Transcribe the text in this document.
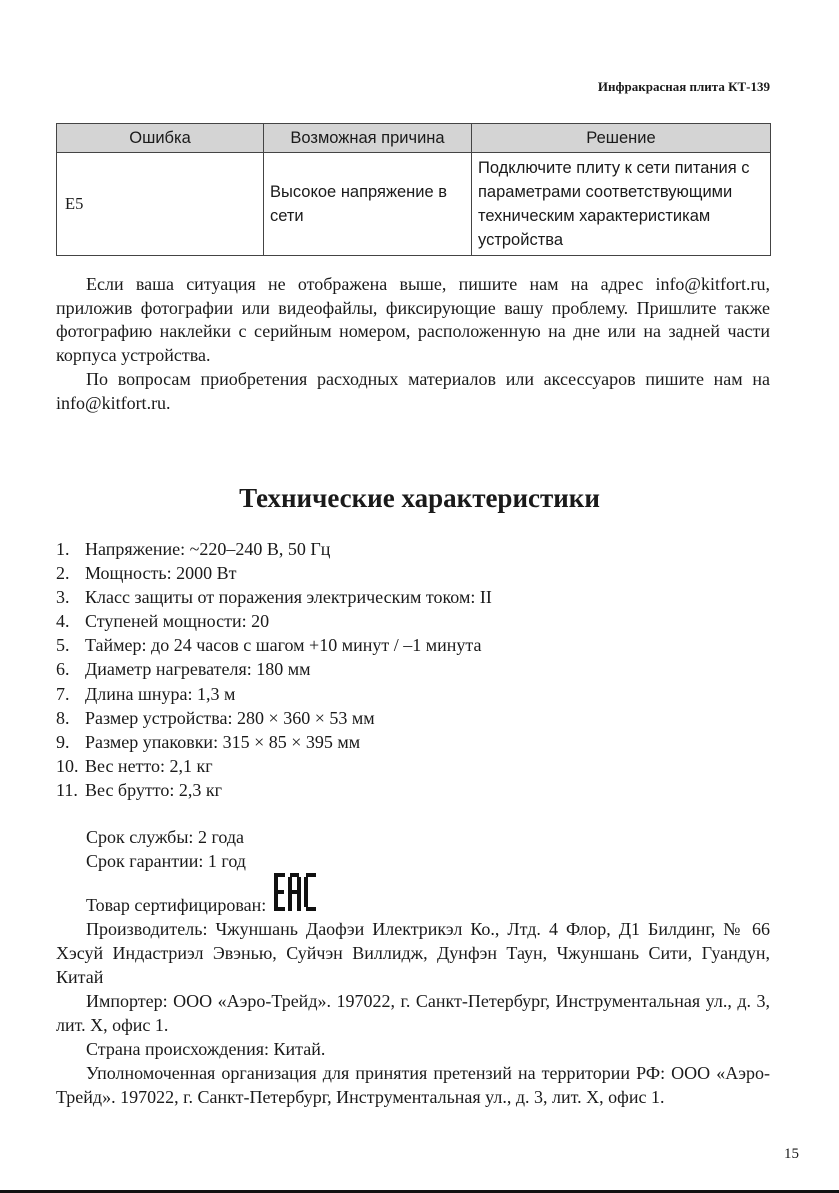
Инфракрасная плита КТ-139
Ошибка	Возможная причина	Решение
E5	Высокое напряжение в сети	Подключите плиту к сети питания с параметрами соответствующими техническим характеристикам устройства

Если ваша ситуация не отображена выше, пишите нам на адрес info@kitfort.ru, приложив фотографии или видеофайлы, фиксирующие вашу проблему. Пришлите также фотографию наклейки с серийным номером, расположенную на дне или на задней части корпуса устройства.

По вопросам приобретения расходных материалов или аксессуаров пишите нам на info@kitfort.ru.

Технические характеристики
1. Напряжение: ~220–240 В, 50 Гц
2. Мощность: 2000 Вт
3. Класс защиты от поражения электрическим током: II
4. Ступеней мощности: 20
5. Таймер: до 24 часов с шагом +10 минут / –1 минута
6. Диаметр нагревателя: 180 мм
7. Длина шнура: 1,3 м
8. Размер устройства: 280 × 360 × 53 мм
9. Размер упаковки: 315 × 85 × 395 мм
10. Вес нетто: 2,1 кг
11. Вес брутто: 2,3 кг
Срок службы: 2 года
Срок гарантии: 1 год
Товар сертифицирован:

Производитель: Чжуншань Даофэи Илектрикэл Ко., Лтд. 4 Флор, Д1 Билдинг, № 66 Хэсуй Индастриэл Эвэнью, Суйчэн Виллидж, Дунфэн Таун, Чжуншань Сити, Гуандун, Китай

Импортер: ООО «Аэро-Трейд». 197022, г. Санкт-Петербург, Инструментальная ул., д. 3, лит. Х, офис 1.

Страна происхождения: Китай.

Уполномоченная организация для принятия претензий на территории РФ: ООО «Аэро-Трейд». 197022, г. Санкт-Петербург, Инструментальная ул., д. 3, лит. Х, офис 1.

15
